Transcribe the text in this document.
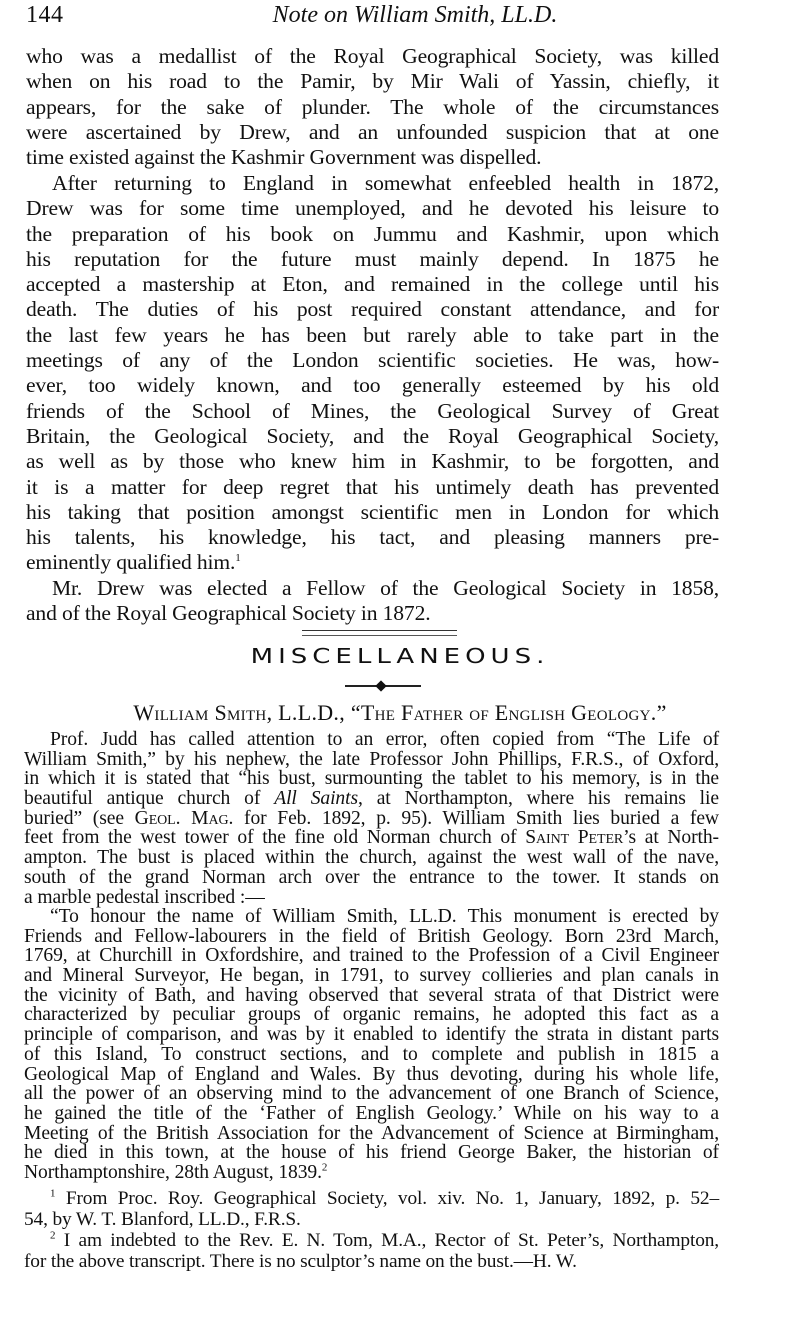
144	Note on William Smith, LL.D.
who was a medallist of the Royal Geographical Society, was killed
when on his road to the Pamir, by Mir Wali of Yassin, chiefly, it
appears, for the sake of plunder. The whole of the circumstances
were ascertained by Drew, and an unfounded suspicion that at one
time existed against the Kashmir Government was dispelled.
After returning to England in somewhat enfeebled health in 1872,
Drew was for some time unemployed, and he devoted his leisure to
the preparation of his book on Jummu and Kashmir, upon which
his reputation for the future must mainly depend. In 1875 he
accepted a mastership at Eton, and remained in the college until his
death. The duties of his post required constant attendance, and for
the last few years he has been but rarely able to take part in the
meetings of any of the London scientific societies. He was, how-
ever, too widely known, and too generally esteemed by his old
friends of the School of Mines, the Geological Survey of Great
Britain, the Geological Society, and the Royal Geographical Society,
as well as by those who knew him in Kashmir, to be forgotten, and
it is a matter for deep regret that his untimely death has prevented
his taking that position amongst scientific men in London for which
his talents, his knowledge, his tact, and pleasing manners pre-
eminently qualified him.$^1$
Mr. Drew was elected a Fellow of the Geological Society in 1858,
and of the Royal Geographical Society in 1872.
MISCELLANEOUS.
William Smith, L.L.D., “The Father of English Geology.”
Prof. Judd has called attention to an error, often copied from “The Life of
William Smith,” by his nephew, the late Professor John Phillips, F.R.S., of Oxford,
in which it is stated that “his bust, surmounting the tablet to his memory, is in the
beautiful antique church of All Saints, at Northampton, where his remains lie
buried” (see Geol. Mag. for Feb. 1892, p. 95). William Smith lies buried a few
feet from the west tower of the fine old Norman church of Saint Peter’s at North-
ampton. The bust is placed within the church, against the west wall of the nave,
south of the grand Norman arch over the entrance to the tower. It stands on
a marble pedestal inscribed :—
“To honour the name of William Smith, LL.D. This monument is erected by
Friends and Fellow-labourers in the field of British Geology. Born 23rd March,
1769, at Churchill in Oxfordshire, and trained to the Profession of a Civil Engineer
and Mineral Surveyor, He began, in 1791, to survey collieries and plan canals in
the vicinity of Bath, and having observed that several strata of that District were
characterized by peculiar groups of organic remains, he adopted this fact as a
principle of comparison, and was by it enabled to identify the strata in distant parts
of this Island, To construct sections, and to complete and publish in 1815 a
Geological Map of England and Wales. By thus devoting, during his whole life,
all the power of an observing mind to the advancement of one Branch of Science,
he gained the title of the ‘Father of English Geology.’ While on his way to a
Meeting of the British Association for the Advancement of Science at Birmingham,
he died in this town, at the house of his friend George Baker, the historian of
Northamptonshire, 28th August, 1839.$^2$
$^1$ From Proc. Roy. Geographical Society, vol. xiv. No. 1, January, 1892, p. 52–
54, by W. T. Blanford, LL.D., F.R.S.
$^2$ I am indebted to the Rev. E. N. Tom, M.A., Rector of St. Peter’s, Northampton,
for the above transcript. There is no sculptor’s name on the bust.—H. W.
